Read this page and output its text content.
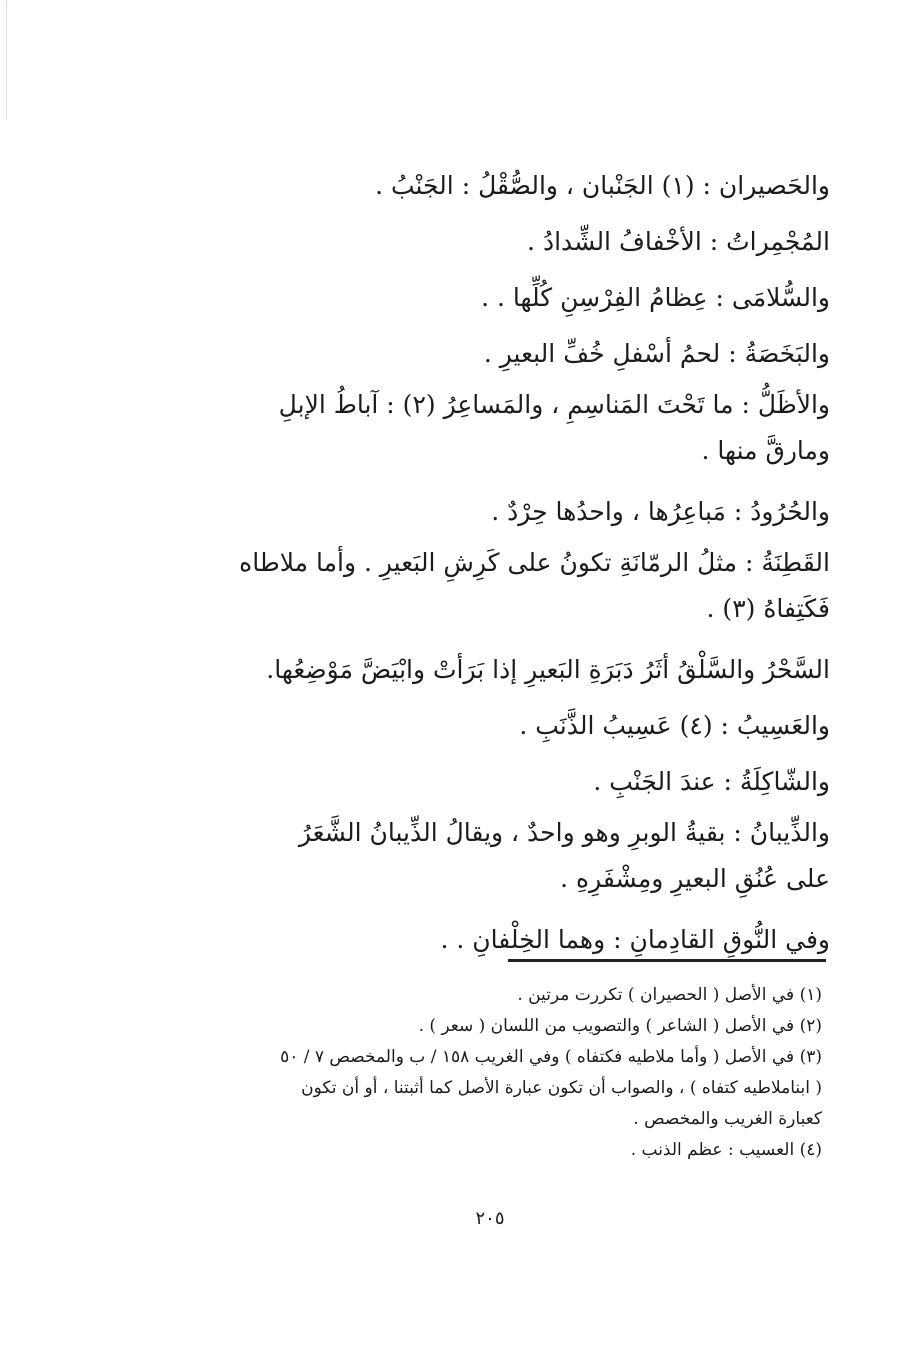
والحَصيران : (١) الجَنْبان ، والصُّقْلُ : الجَنْبُ .
المُجْمِراتُ : الأخْفافُ الشِّدادُ .
والسُّلامَى : عِظامُ الفِرْسِنِ كُلِّها . .
والبَخَصَةُ : لحمُ أسْفلِ خُفِّ البعيرِ .
والأظَلُّ : ما تَحْتَ المَناسِمِ ، والمَساعِرُ (٢) : آباطُ الإبلِ
ومارقَّ منها .
والحُرُودُ : مَباعِرُها ، واحدُها حِرْدٌ .
القَطِنَةُ : مثلُ الرمّانَةِ تكونُ على كَرِشِ البَعيرِ . وأما ملاطاه
فَكَتِفاهُ (٣) .
السَّحْرُ والسَّلْقُ أثَرُ دَبَرَةِ البَعيرِ إذا بَرَأتْ وابْيَضَّ مَوْضِعُها.
والعَسِيبُ : (٤) عَسِيبُ الذَّنَبِ .
والشّاكِلَةُ : عندَ الجَنْبِ .
والذِّيبانُ : بقيةُ الوبرِ وهو واحدٌ ، ويقالُ الذِّيبانُ الشَّعَرُ
على عُنُقِ البعيرِ ومِشْفَرِهِ .
وفي النُّوقِ القادِمانِ : وهما الخِلْفانِ . .
(١) في الأصل ( الحصيران ) تكررت مرتين .
(٢) في الأصل ( الشاعر ) والتصويب من اللسان ( سعر ) .
(٣) في الأصل ( وأما ملاطيه فكتفاه ) وفي الغريب ١٥٨ / ب والمخصص ٧ / ٥٠
( ابناملاطيه كتفاه ) ، والصواب أن تكون عبارة الأصل كما أثبتنا ، أو أن تكون
كعبارة الغريب والمخصص .
(٤) العسيب : عظم الذنب .
٢٠٥
